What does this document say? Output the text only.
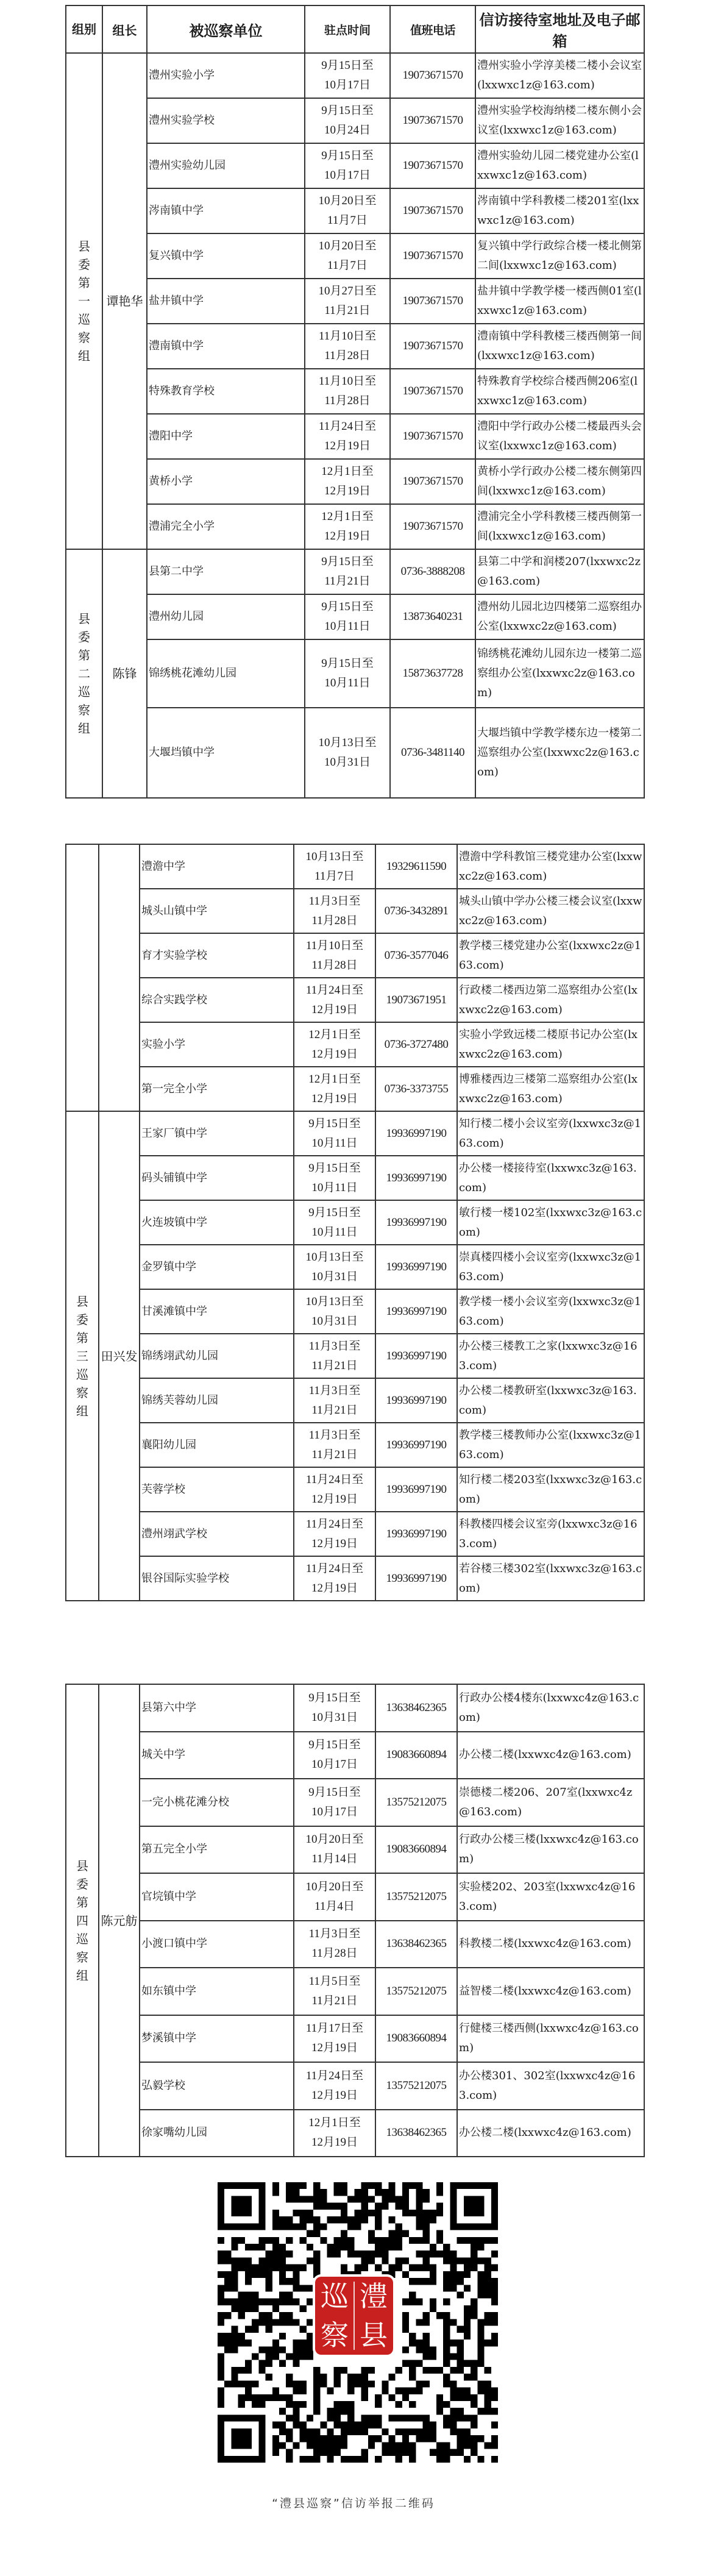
组别	组长	被巡察单位	驻点时间	值班电话	信访接待室地址及电子邮箱
县委第一巡察组	谭艳华	澧州实验小学	9月15日至
10月17日	19073671570	澧州实验小学淳美楼二楼小会议室(lxxwxc1z@163.com)
		澧州实验学校	9月15日至
10月24日	19073671570	澧州实验学校海纳楼二楼东侧小会议室(lxxwxc1z@163.com)
		澧州实验幼儿园	9月15日至
10月17日	19073671570	澧州实验幼儿园二楼党建办公室(lxxwxc1z@163.com)
		涔南镇中学	10月20日至
11月7日	19073671570	涔南镇中学科教楼二楼201室(lxxwxc1z@163.com)
		复兴镇中学	10月20日至
11月7日	19073671570	复兴镇中学行政综合楼一楼北侧第二间(lxxwxc1z@163.com)
		盐井镇中学	10月27日至
11月21日	19073671570	盐井镇中学教学楼一楼西侧01室(lxxwxc1z@163.com)
		澧南镇中学	11月10日至
11月28日	19073671570	澧南镇中学科教楼三楼西侧第一间(lxxwxc1z@163.com)
		特殊教育学校	11月10日至
11月28日	19073671570	特殊教育学校综合楼西侧206室(lxxwxc1z@163.com)
		澧阳中学	11月24日至
12月19日	19073671570	澧阳中学行政办公楼二楼最西头会议室(lxxwxc1z@163.com)
		黄桥小学	12月1日至
12月19日	19073671570	黄桥小学行政办公楼二楼东侧第四间(lxxwxc1z@163.com)
		澧浦完全小学	12月1日至
12月19日	19073671570	澧浦完全小学科教楼三楼西侧第一间(lxxwxc1z@163.com)
县委第二巡察组	陈锋	县第二中学	9月15日至
11月21日	0736-3888208	县第二中学和润楼207(lxxwxc2z@163.com)
		澧州幼儿园	9月15日至
10月11日	13873640231	澧州幼儿园北边四楼第二巡察组办公室(lxxwxc2z@163.com)
		锦绣桃花滩幼儿园	9月15日至
10月11日	15873637728	锦绣桃花滩幼儿园东边一楼第二巡察组办公室(lxxwxc2z@163.com)
		大堰垱镇中学	10月13日至
10月31日	0736-3481140	大堰垱镇中学教学楼东边一楼第二巡察组办公室(lxxwxc2z@163.com)
		澧澹中学	10月13日至
11月7日	19329611590	澧澹中学科教馆三楼党建办公室(lxxwxc2z@163.com)
		城头山镇中学	11月3日至
11月28日	0736-3432891	城头山镇中学办公楼三楼会议室(lxxwxc2z@163.com)
		育才实验学校	11月10日至
11月28日	0736-3577046	教学楼三楼党建办公室(lxxwxc2z@163.com)
		综合实践学校	11月24日至
12月19日	19073671951	行政楼二楼西边第二巡察组办公室(lxxwxc2z@163.com)
		实验小学	12月1日至
12月19日	0736-3727480	实验小学致远楼二楼原书记办公室(lxxwxc2z@163.com)
		第一完全小学	12月1日至
12月19日	0736-3373755	博雅楼西边三楼第二巡察组办公室(lxxwxc2z@163.com)
县委第三巡察组	田兴发	王家厂镇中学	9月15日至
10月11日	19936997190	知行楼二楼小会议室旁(lxxwxc3z@163.com)
		码头铺镇中学	9月15日至
10月11日	19936997190	办公楼一楼接待室(lxxwxc3z@163.com)
		火连坡镇中学	9月15日至
10月11日	19936997190	敏行楼一楼102室(lxxwxc3z@163.com)
		金罗镇中学	10月13日至
10月31日	19936997190	崇真楼四楼小会议室旁(lxxwxc3z@163.com)
		甘溪滩镇中学	10月13日至
10月31日	19936997190	教学楼一楼小会议室旁(lxxwxc3z@163.com)
		锦绣翊武幼儿园	11月3日至
11月21日	19936997190	办公楼三楼教工之家(lxxwxc3z@163.com)
		锦绣芙蓉幼儿园	11月3日至
11月21日	19936997190	办公楼二楼教研室(lxxwxc3z@163.com)
		襄阳幼儿园	11月3日至
11月21日	19936997190	教学楼三楼教师办公室(lxxwxc3z@163.com)
		芙蓉学校	11月24日至
12月19日	19936997190	知行楼二楼203室(lxxwxc3z@163.com)
		澧州翊武学校	11月24日至
12月19日	19936997190	科教楼四楼会议室旁(lxxwxc3z@163.com)
		银谷国际实验学校	11月24日至
12月19日	19936997190	若谷楼三楼302室(lxxwxc3z@163.com)
县委第四巡察组	陈元舫	县第六中学	9月15日至
10月31日	13638462365	行政办公楼4楼东(lxxwxc4z@163.com)
		城关中学	9月15日至
10月17日	19083660894	办公楼二楼(lxxwxc4z@163.com)
		一完小桃花滩分校	9月15日至
10月17日	13575212075	崇德楼二楼206、207室(lxxwxc4z@163.com)
		第五完全小学	10月20日至
11月14日	19083660894	行政办公楼三楼(lxxwxc4z@163.com)
		官垸镇中学	10月20日至
11月4日	13575212075	实验楼202、203室(lxxwxc4z@163.com)
		小渡口镇中学	11月3日至
11月28日	13638462365	科教楼二楼(lxxwxc4z@163.com)
		如东镇中学	11月5日至
11月21日	13575212075	益智楼二楼(lxxwxc4z@163.com)
		梦溪镇中学	11月17日至
12月19日	19083660894	行健楼三楼西侧(lxxwxc4z@163.com)
		弘毅学校	11月24日至
12月19日	13575212075	办公楼301、302室(lxxwxc4z@163.com)
		徐家嘴幼儿园	12月1日至
12月19日	13638462365	办公楼二楼(lxxwxc4z@163.com)
巡 澧
察 县
“澧县巡察”信访举报二维码
